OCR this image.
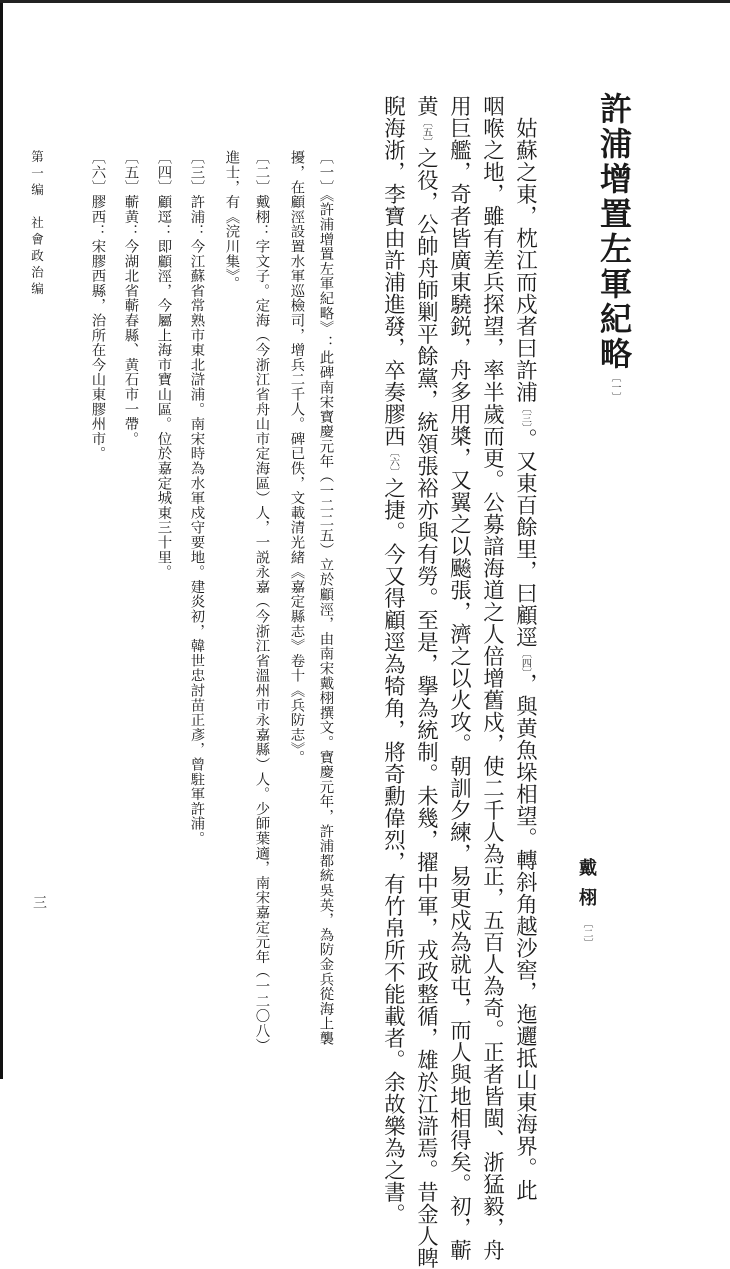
許浦增置左軍紀略〔一〕
戴栩〔二〕
姑蘇之東，枕江而戍者曰許浦〔三〕。又東百餘里，曰顧逕〔四〕，與黄魚垛相望。轉斜角越沙窖，迤邐抵山東海界。此
咽喉之地，雖有差兵探望，率半歲而更。公募諳海道之人倍增舊戍，使二千人為正，五百人為奇。正者皆閩、浙猛毅，舟
用巨艦，奇者皆廣東驍鋭，舟多用槳，又翼之以飈張，濟之以火攻。朝訓夕練，易更戍為就屯，而人與地相得矣。初，蘄
黄〔五〕之役，公帥舟師剿平餘黨，統領張裕亦與有勞。至是，擧為統制。未幾，擢中軍，戎政整循，雄於江滸焉。昔金人睥
睨海浙，李寶由許浦進發，卒奏膠西〔六〕之捷。今又得顧逕為犄角，將奇勳偉烈，有竹帛所不能載者。余故樂為之書。
〔一〕《許浦增置左軍紀略》：此碑南宋寶慶元年（一二二五）立於顧涇，由南宋戴栩撰文。寶慶元年，許浦都統吳英，為防金兵從海上襲
擾，在顧涇設置水軍巡檢司，增兵二千人。碑已佚，文載清光緒《嘉定縣志》卷十《兵防志》。
〔二〕戴栩：字文子。定海（今浙江省舟山市定海區）人，一説永嘉（今浙江省溫州市永嘉縣）人。少師葉適，南宋嘉定元年（一二〇八）
進士，有《浣川集》。
〔三〕許浦：今江蘇省常熟市東北滸浦。南宋時為水軍戍守要地。建炎初，韓世忠討苗正彥，曾駐軍許浦。
〔四〕顧逕：即顧涇，今屬上海市寶山區。位於嘉定城東三十里。
〔五〕蘄黄：今湖北省蘄春縣、黄石市一帶。
〔六〕膠西：宋膠西縣，治所在今山東膠州市。
第一编　社會政治编
三
